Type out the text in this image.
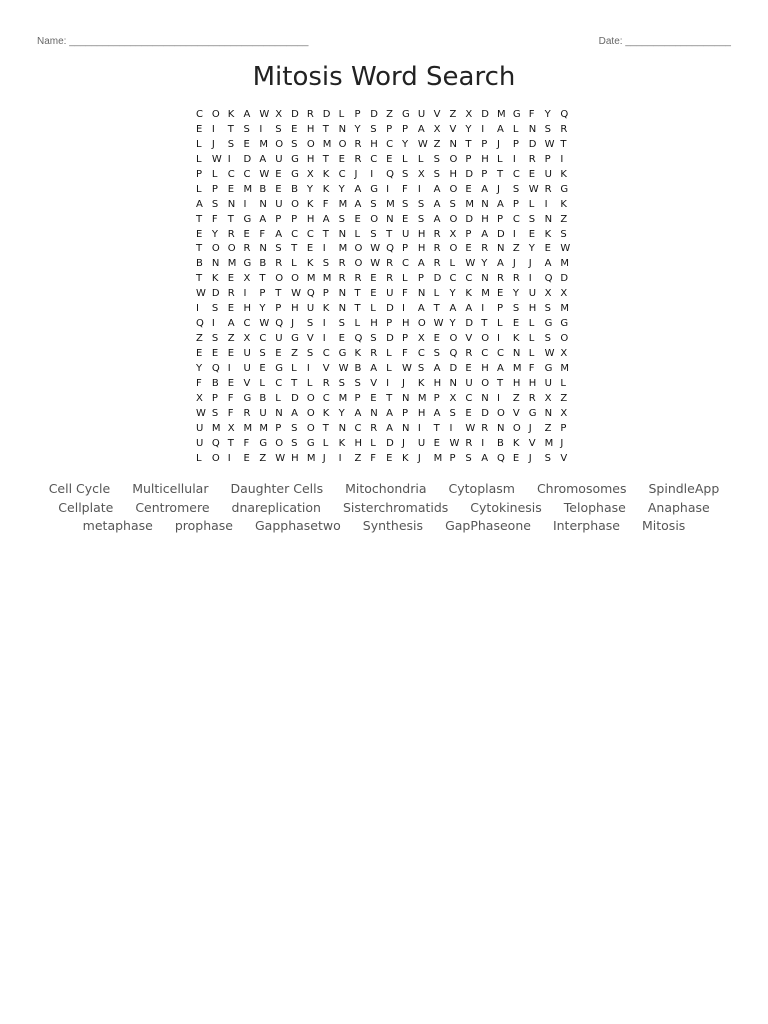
Name: ___________________________________________	Date: ___________________
Mitosis Word Search
C O K A W X D R D L	P D Z G U V Z X D M G F	Y Q
E I	T S I	S E H T N Y S P P A X V Y I	A L	N S R
L	J	S E M O S O M O R H C Y W Z N T P J	P D W T
L	W I	D A U G H T E R C E L	L	S O P H L	I	R P I
P L	C C W E G X K C J	I	Q S X S H D P T C E U K
L	P E M B E B Y K Y A G I	F	I	A O E A J	S W R G
A S N I	N U O K F	M A S M S S A S M N A P L	I	K
T F	T G A P P H A S E O N E S A O D H P C S N Z
E Y R E F	A C C T N L	S T U H R X P A D I	E K S
T O O R N S T E I	M O W Q P H R O E R N Z Y E W
B N M G B R L	K S R O W R C A R L	W Y A J	J	A M
T K E X T O O M M R R E R L	P D C C N R R I	Q D
W D R I	P T W Q P N T E U F	N L	Y K M E Y U X X
I	S E H Y P H U K N T L	D I	A T A A I	P S H S M
Q I	A C W Q J	S I	S L	H P H O W Y D T L	E L	G G
Z S Z X C U G V I	E Q S D P X E O V O I	K L	S O
E E E U S E Z S C G K R L	F	C S Q R C C N L	W X
Y Q I	U E G L	I	V W B A L	W S A D E H A M F	G M
F	B E V L	C T L	R S S V I	J	K H N U O T H H U L
X P F	G B L	D O C M P E T N M P X C N I	Z R X Z
W S F	R U N A O K Y A N A P H A S E D O V G N X
U M X M M P S O T N C R A N I	T I	W R N O J	Z P
U Q T F	G O S G L	K H L	D J	U E W R I	B K V M J
L	O I	E Z W H M J	I	Z F	E K J	M P S A Q E J	S V
Cell Cycle Multicellular Daughter Cells Mitochondria Cytoplasm Chromosomes SpindleApp
Cellplate Centromere dnareplication Sisterchromatids Cytokinesis Telophase Anaphase
metaphase prophase Gapphasetwo Synthesis GapPhaseone Interphase Mitosis
